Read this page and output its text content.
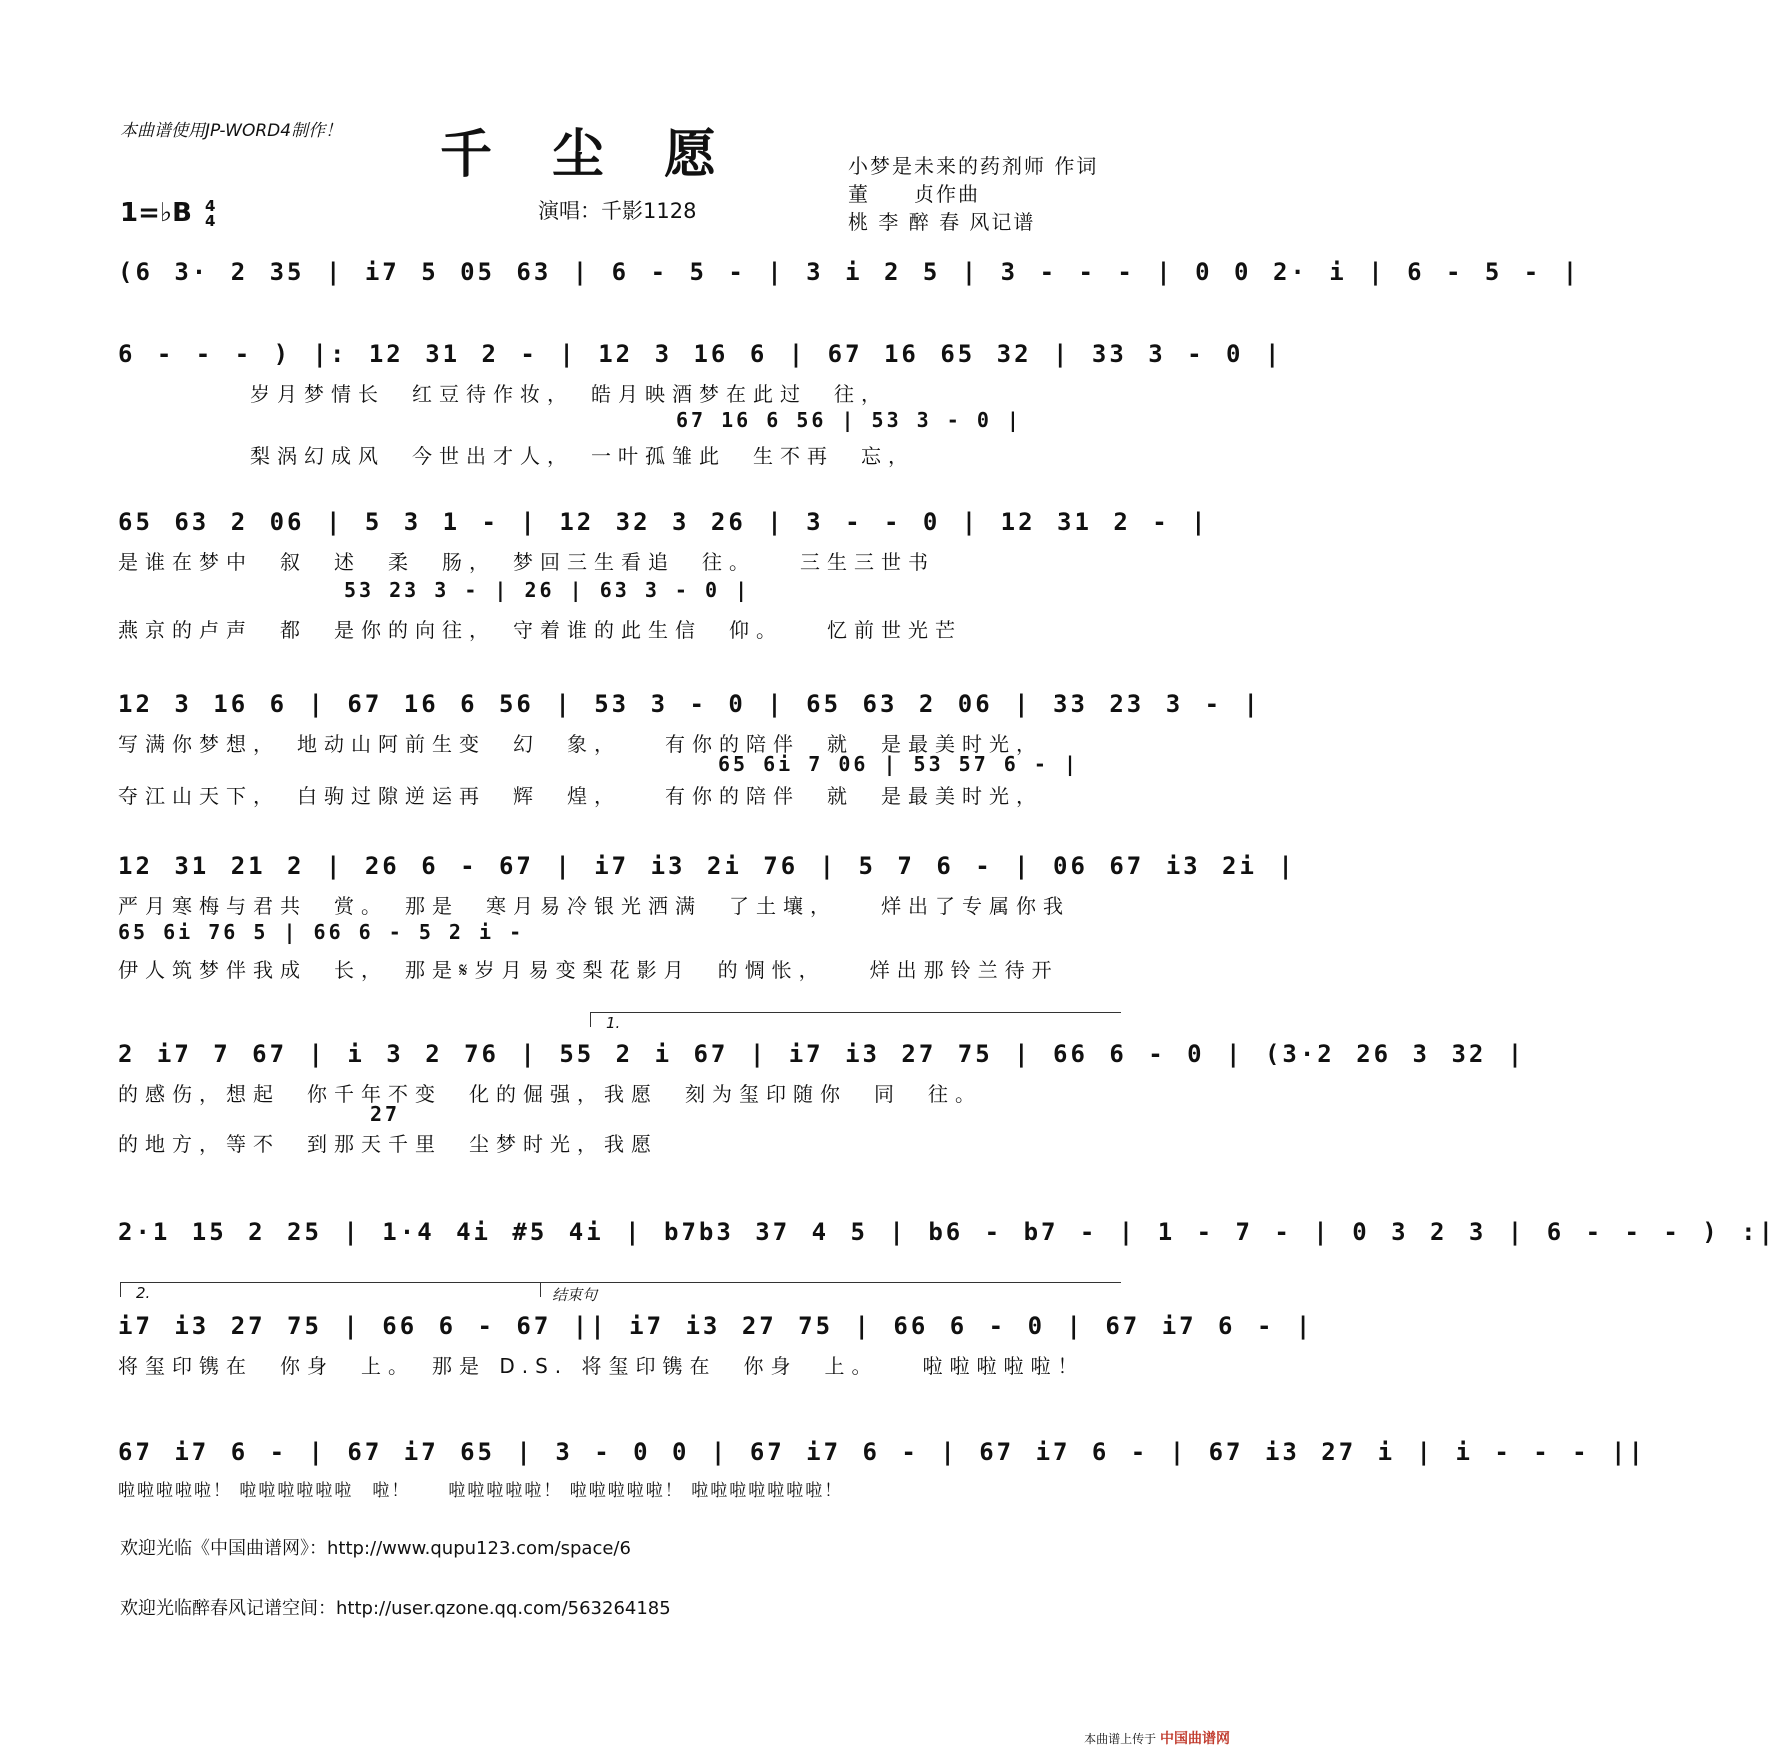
本曲谱使用JP-WORD4制作！ 千尘愿	小梦是未来的药剂师 作词
董　　贞作曲
桃 李 醉 春 风记谱
1=♭B 4
4	演唱：千影1128
(6 3· 2 35 | i7 5 05 63 | 6 - 5 - | 3 i 2 5 | 3 - - - | 0 0 2· i | 6 - 5 - |
6 - - - ) |: 12 31 2 - | 12 3 16 6 | 67 16 65 32 | 33 3 - 0 |
岁月梦情长　红豆待作妆，　皓月映酒梦在此过　往，
67 16 6 56 | 53 3 - 0 |
梨涡幻成风　今世出才人，　一叶孤雏此　生不再　忘，
65 63 2 06 | 5 3 1 - | 12 32 3 26 | 3 - - 0 | 12 31 2 - |
是谁在梦中　叙　述　柔　肠，　梦回三生看追　往。　　三生三世书
53 23 3 - | 26 | 63 3 - 0 |
燕京的卢声　都　是你的向往，　守着谁的此生信　仰。　　忆前世光芒
12 3 16 6 | 67 16 6 56 | 53 3 - 0 | 65 63 2 06 | 33 23 3 - |
写满你梦想，　地动山阿前生变　幻　象，　　有你的陪伴　就　是最美时光，
65 6i 7 06 | 53 57 6 - |
夺江山天下，　白驹过隙逆运再　辉　煌，　　有你的陪伴　就　是最美时光，
12 31 21 2 | 26 6 - 67 | i7 i3 2i 76 | 5 7 6 - | 06 67 i3 2i |
严月寒梅与君共　赏。　那是　寒月易冷银光洒满　了土壤，　　烊出了专属你我
65 6i 76 5 | 66 6 - 5 2 i -
伊人筑梦伴我成　长，　那是𝄋岁月易变梨花影月　的惆怅，　　烊出那铃兰待开
1.
2 i7 7 67 | i 3 2 76 | 55 2 i 67 | i7 i3 27 75 | 66 6 - 0 | (3·2 26 3 32 |
的感伤，想起　你千年不变　化的倔强，我愿　刻为玺印随你　同　往。
27
的地方，等不　到那天千里　尘梦时光，我愿
2·1 15 2 25 | 1·4 4i #5 4i | b7b3 37 4 5 | b6 - b7 - | 1 - 7 - | 0 3 2 3 | 6 - - - ) :|
2.	结束句
i7 i3 27 75 | 66 6 - 67 || i7 i3 27 75 | 66 6 - 0 | 67 i7 6 - |
将玺印镌在　你身　上。　那是 D.S. 将玺印镌在　你身　上。　　啦啦啦啦啦！
67 i7 6 - | 67 i7 65 | 3 - 0 0 | 67 i7 6 - | 67 i7 6 - | 67 i3 27 i | i - - - ||
啦啦啦啦啦！ 啦啦啦啦啦啦　啦！　　啦啦啦啦啦！ 啦啦啦啦啦！ 啦啦啦啦啦啦啦！
欢迎光临《中国曲谱网》：http://www.qupu123.com/space/6
欢迎光临醉春风记谱空间：http://user.qzone.qq.com/563264185
本曲谱上传于 中国曲谱网
